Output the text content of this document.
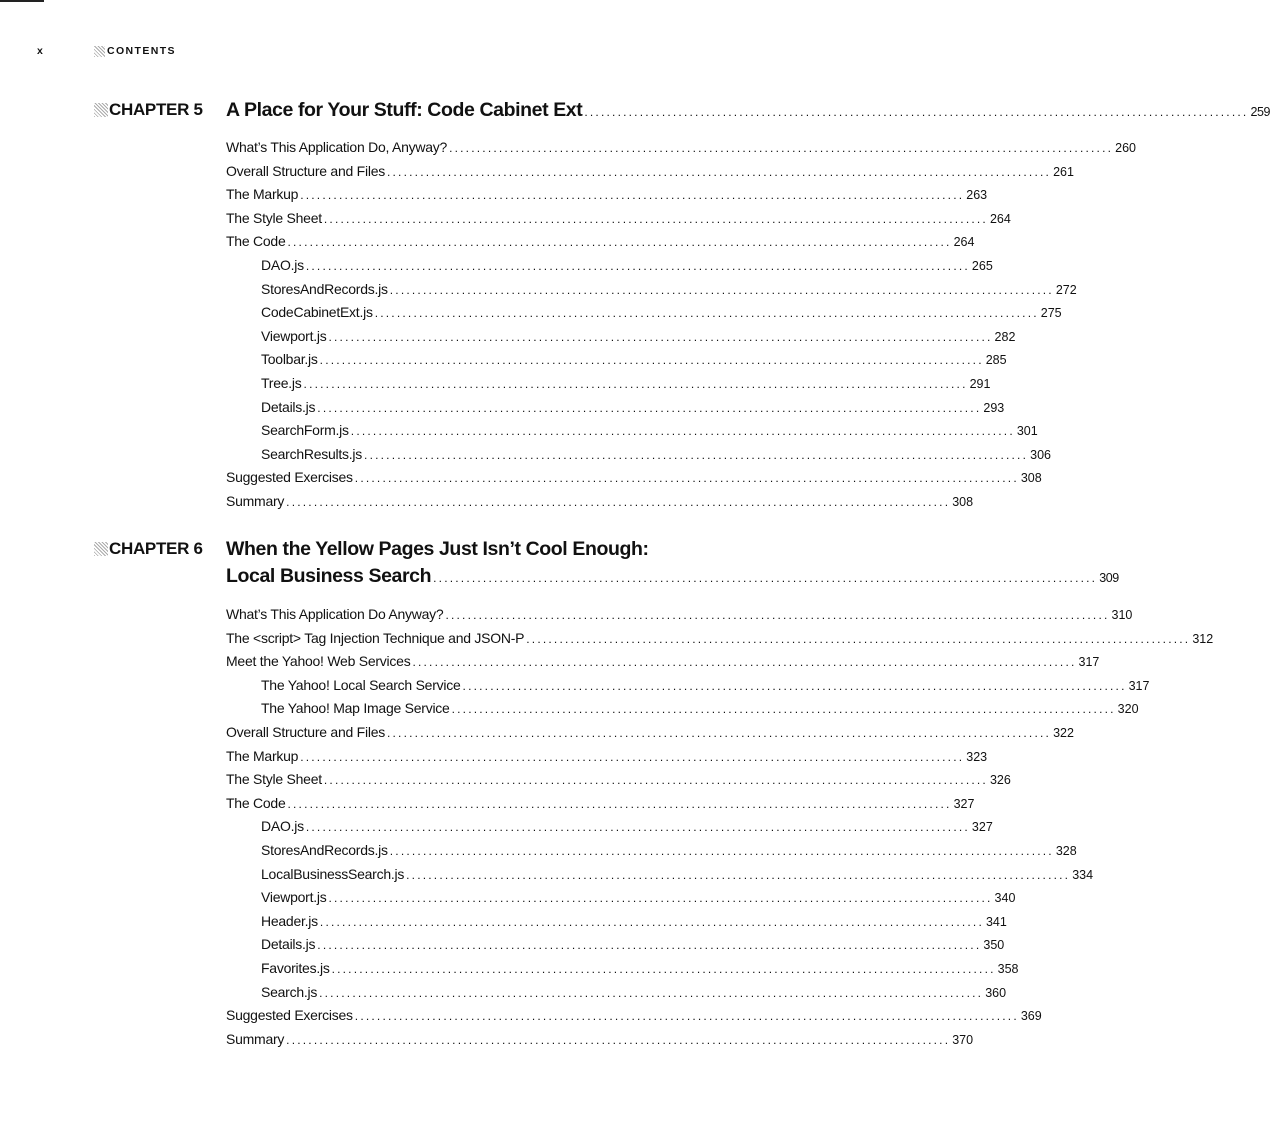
x	CONTENTS
CHAPTER 5 A Place for Your Stuff: Code Cabinet Ext ........................................................................................................................ 259
What’s This Application Do, Anyway? ........................................................................................................................ 260
Overall Structure and Files ........................................................................................................................ 261
The Markup ........................................................................................................................ 263
The Style Sheet ........................................................................................................................ 264
The Code ........................................................................................................................ 264
DAO.js ........................................................................................................................ 265
StoresAndRecords.js ........................................................................................................................ 272
CodeCabinetExt.js ........................................................................................................................ 275
Viewport.js ........................................................................................................................ 282
Toolbar.js ........................................................................................................................ 285
Tree.js ........................................................................................................................ 291
Details.js ........................................................................................................................ 293
SearchForm.js ........................................................................................................................ 301
SearchResults.js ........................................................................................................................ 306
Suggested Exercises ........................................................................................................................ 308
Summary ........................................................................................................................ 308
CHAPTER 6 When the Yellow Pages Just Isn’t Cool Enough:
Local Business Search ........................................................................................................................ 309
What’s This Application Do Anyway? ........................................................................................................................ 310
The <script> Tag Injection Technique and JSON-P ........................................................................................................................ 312
Meet the Yahoo! Web Services ........................................................................................................................ 317
The Yahoo! Local Search Service ........................................................................................................................ 317
The Yahoo! Map Image Service ........................................................................................................................ 320
Overall Structure and Files ........................................................................................................................ 322
The Markup ........................................................................................................................ 323
The Style Sheet ........................................................................................................................ 326
The Code ........................................................................................................................ 327
DAO.js ........................................................................................................................ 327
StoresAndRecords.js ........................................................................................................................ 328
LocalBusinessSearch.js ........................................................................................................................ 334
Viewport.js ........................................................................................................................ 340
Header.js ........................................................................................................................ 341
Details.js ........................................................................................................................ 350
Favorites.js ........................................................................................................................ 358
Search.js ........................................................................................................................ 360
Suggested Exercises ........................................................................................................................ 369
Summary ........................................................................................................................ 370
